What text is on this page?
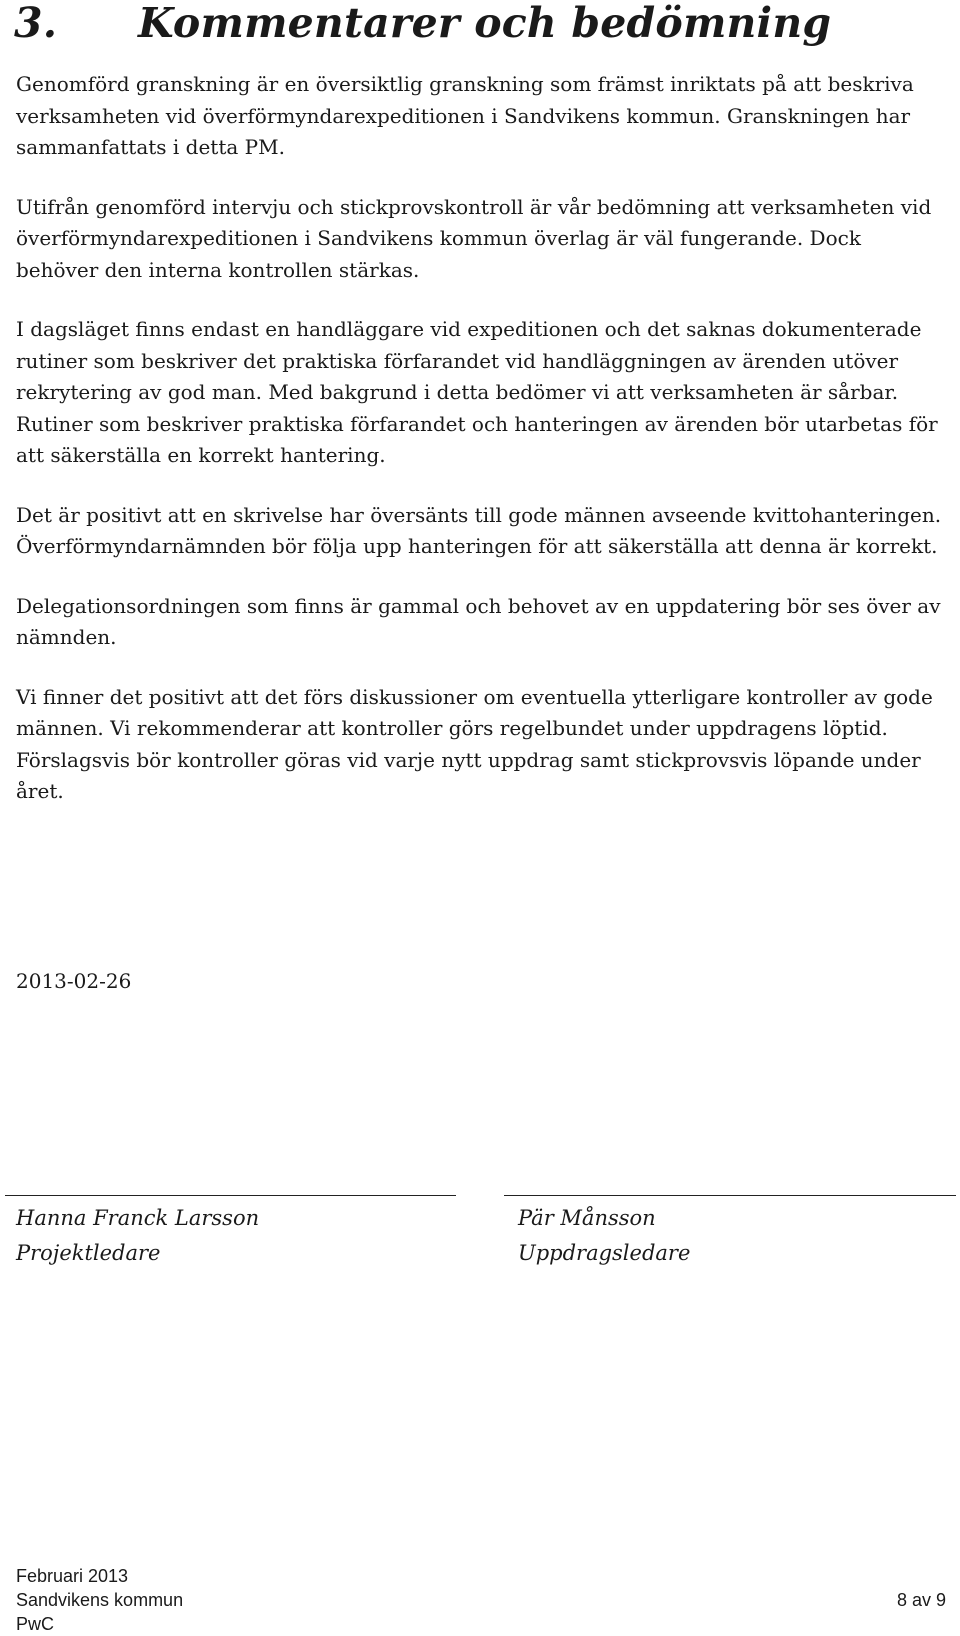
3. Kommentarer och bedömning

Genomförd granskning är en översiktlig granskning som främst inriktats på att beskriva verksamheten vid överförmyndarexpeditionen i Sandvikens kommun. Granskningen har sammanfattats i detta PM.

Utifrån genomförd intervju och stickprovskontroll är vår bedömning att verksamheten vid överförmyndarexpeditionen i Sandvikens kommun överlag är väl fungerande. Dock behöver den interna kontrollen stärkas.

I dagsläget finns endast en handläggare vid expeditionen och det saknas dokumenterade rutiner som beskriver det praktiska förfarandet vid handläggningen av ärenden utöver rekrytering av god man. Med bakgrund i detta bedömer vi att verksamheten är sårbar. Rutiner som beskriver praktiska förfarandet och hanteringen av ärenden bör utarbetas för att säkerställa en korrekt hantering.

Det är positivt att en skrivelse har översänts till gode männen avseende kvittohanteringen. Överförmyndarnämnden bör följa upp hanteringen för att säkerställa att denna är korrekt.

Delegationsordningen som finns är gammal och behovet av en uppdatering bör ses över av nämnden.

Vi finner det positivt att det förs diskussioner om eventuella ytterligare kontroller av gode männen. Vi rekommenderar att kontroller görs regelbundet under uppdragens löptid. Förslagsvis bör kontroller göras vid varje nytt uppdrag samt stickprovsvis löpande under året.

2013-02-26
Hanna Franck Larsson
Projektledare
Pär Månsson
Uppdragsledare
Februari 2013
Sandvikens kommun
PwC
8 av 9
